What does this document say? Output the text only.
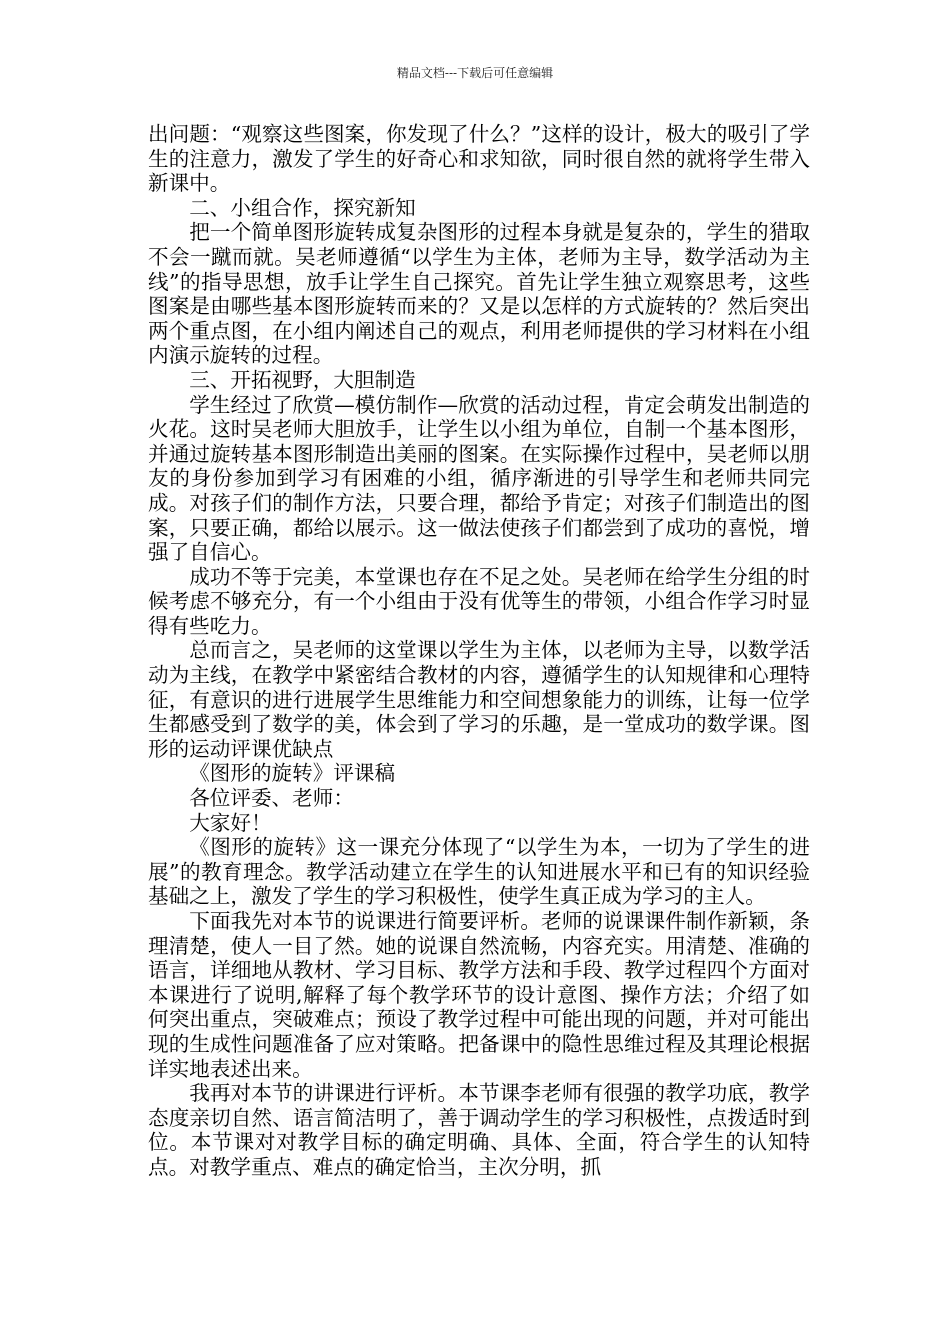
精品文档---下载后可任意编辑

出问题：“观察这些图案，你发现了什么？”这样的设计，极大的吸引了学生的注意力，激发了学生的好奇心和求知欲，同时很自然的就将学生带入新课中。

二、小组合作，探究新知

把一个简单图形旋转成复杂图形的过程本身就是复杂的，学生的猎取不会一蹴而就。吴老师遵循“以学生为主体，老师为主导，数学活动为主线”的指导思想，放手让学生自己探究。首先让学生独立观察思考，这些图案是由哪些基本图形旋转而来的？又是以怎样的方式旋转的？然后突出两个重点图，在小组内阐述自己的观点，利用老师提供的学习材料在小组内演示旋转的过程。

三、开拓视野，大胆制造

学生经过了欣赏—模仿制作—欣赏的活动过程，肯定会萌发出制造的火花。这时吴老师大胆放手，让学生以小组为单位，自制一个基本图形，并通过旋转基本图形制造出美丽的图案。在实际操作过程中，吴老师以朋友的身份参加到学习有困难的小组，循序渐进的引导学生和老师共同完成。对孩子们的制作方法，只要合理，都给予肯定；对孩子们制造出的图案，只要正确，都给以展示。这一做法使孩子们都尝到了成功的喜悦，增强了自信心。

成功不等于完美，本堂课也存在不足之处。吴老师在给学生分组的时候考虑不够充分，有一个小组由于没有优等生的带领，小组合作学习时显得有些吃力。

总而言之，吴老师的这堂课以学生为主体，以老师为主导，以数学活动为主线，在教学中紧密结合教材的内容，遵循学生的认知规律和心理特征，有意识的进行进展学生思维能力和空间想象能力的训练，让每一位学生都感受到了数学的美，体会到了学习的乐趣，是一堂成功的数学课。图形的运动评课优缺点

《图形的旋转》评课稿

各位评委、老师：

大家好！

《图形的旋转》这一课充分体现了“以学生为本，一切为了学生的进展”的教育理念。教学活动建立在学生的认知进展水平和已有的知识经验基础之上，激发了学生的学习积极性，使学生真正成为学习的主人。

下面我先对本节的说课进行简要评析。老师的说课课件制作新颖，条理清楚，使人一目了然。她的说课自然流畅，内容充实。用清楚、准确的语言，详细地从教材、学习目标、教学方法和手段、教学过程四个方面对本课进行了说明,解释了每个教学环节的设计意图、操作方法；介绍了如何突出重点，突破难点；预设了教学过程中可能出现的问题，并对可能出现的生成性问题准备了应对策略。把备课中的隐性思维过程及其理论根据详实地表述出来。

我再对本节的讲课进行评析。本节课李老师有很强的教学功底，教学态度亲切自然、语言简洁明了，善于调动学生的学习积极性，点拨适时到位。本节课对对教学目标的确定明确、具体、全面，符合学生的认知特点。对教学重点、难点的确定恰当，主次分明，抓
